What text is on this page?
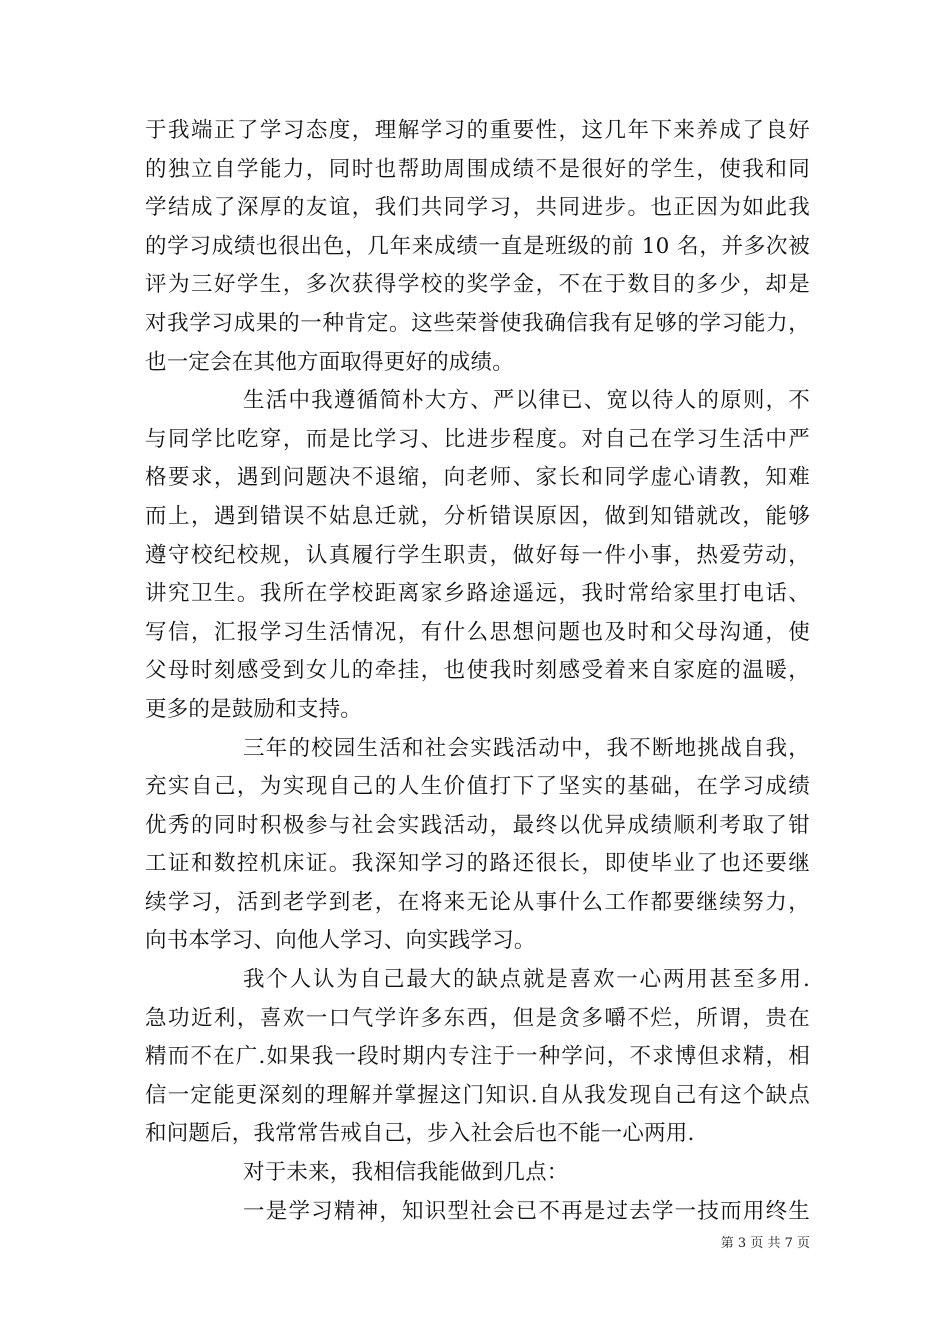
于我端正了学习态度，理解学习的重要性，这几年下来养成了良好
的独立自学能力，同时也帮助周围成绩不是很好的学生，使我和同
学结成了深厚的友谊，我们共同学习，共同进步。也正因为如此我
的学习成绩也很出色，几年来成绩一直是班级的前 10 名，并多次被
评为三好学生，多次获得学校的奖学金，不在于数目的多少，却是
对我学习成果的一种肯定。这些荣誉使我确信我有足够的学习能力，
也一定会在其他方面取得更好的成绩。
生活中我遵循简朴大方、严以律已、宽以待人的原则，不
与同学比吃穿，而是比学习、比进步程度。对自己在学习生活中严
格要求，遇到问题决不退缩，向老师、家长和同学虚心请教，知难
而上，遇到错误不姑息迁就，分析错误原因，做到知错就改，能够
遵守校纪校规，认真履行学生职责，做好每一件小事，热爱劳动，
讲究卫生。我所在学校距离家乡路途遥远，我时常给家里打电话、
写信，汇报学习生活情况，有什么思想问题也及时和父母沟通，使
父母时刻感受到女儿的牵挂，也使我时刻感受着来自家庭的温暖，
更多的是鼓励和支持。
三年的校园生活和社会实践活动中，我不断地挑战自我，
充实自己，为实现自己的人生价值打下了坚实的基础，在学习成绩
优秀的同时积极参与社会实践活动，最终以优异成绩顺利考取了钳
工证和数控机床证。我深知学习的路还很长，即使毕业了也还要继
续学习，活到老学到老，在将来无论从事什么工作都要继续努力，
向书本学习、向他人学习、向实践学习。
我个人认为自己最大的缺点就是喜欢一心两用甚至多用.
急功近利，喜欢一口气学许多东西，但是贪多嚼不烂，所谓，贵在
精而不在广.如果我一段时期内专注于一种学问，不求博但求精，相
信一定能更深刻的理解并掌握这门知识.自从我发现自己有这个缺点
和问题后，我常常告戒自己，步入社会后也不能一心两用.
对于未来，我相信我能做到几点：
一是学习精神，知识型社会已不再是过去学一技而用终生
第 3 页 共 7 页
